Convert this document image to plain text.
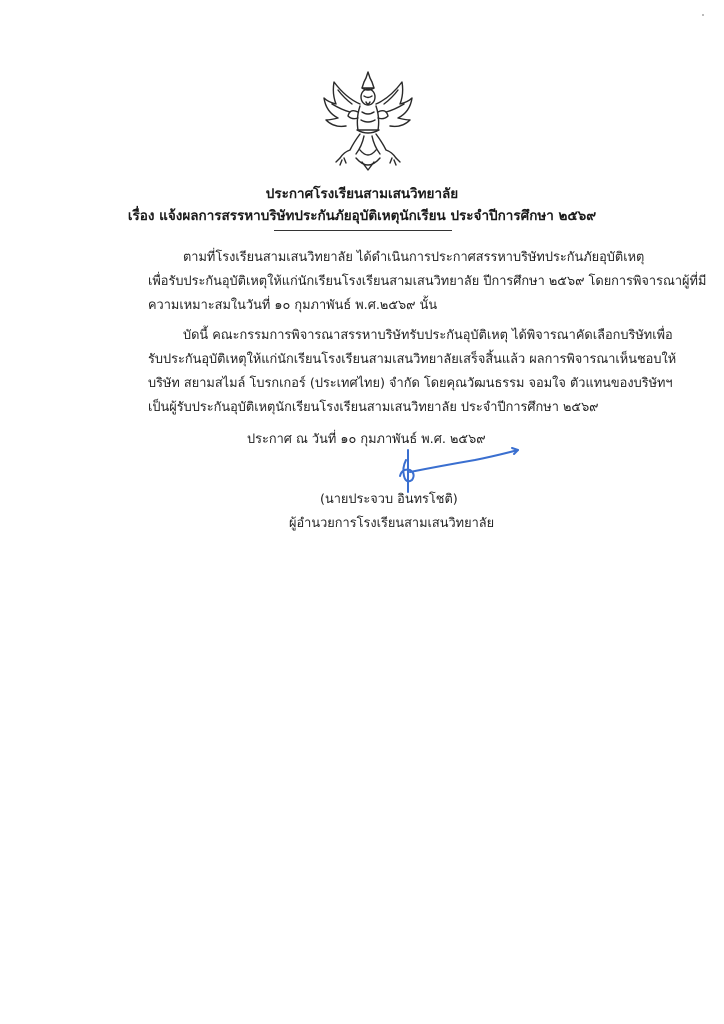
ประกาศโรงเรียนสามเสนวิทยาลัย
เรื่อง แจ้งผลการสรรหาบริษัทประกันภัยอุบัติเหตุนักเรียน ประจำปีการศึกษา ๒๕๖๙
ตามที่โรงเรียนสามเสนวิทยาลัย ได้ดำเนินการประกาศสรรหาบริษัทประกันภัยอุบัติเหตุ
เพื่อรับประกันอุบัติเหตุให้แก่นักเรียนโรงเรียนสามเสนวิทยาลัย ปีการศึกษา ๒๕๖๙ โดยการพิจารณาผู้ที่มี
ความเหมาะสมในวันที่ ๑๐ กุมภาพันธ์ พ.ศ.๒๕๖๙ นั้น
บัดนี้ คณะกรรมการพิจารณาสรรหาบริษัทรับประกันอุบัติเหตุ ได้พิจารณาคัดเลือกบริษัทเพื่อ
รับประกันอุบัติเหตุให้แก่นักเรียนโรงเรียนสามเสนวิทยาลัยเสร็จสิ้นแล้ว ผลการพิจารณาเห็นชอบให้
บริษัท สยามสไมล์ โบรกเกอร์ (ประเทศไทย) จำกัด โดยคุณวัฒนธรรม จอมใจ ตัวแทนของบริษัทฯ
เป็นผู้รับประกันอุบัติเหตุนักเรียนโรงเรียนสามเสนวิทยาลัย ประจำปีการศึกษา ๒๕๖๙
ประกาศ ณ วันที่ ๑๐ กุมภาพันธ์ พ.ศ. ๒๕๖๙
(นายประจวบ อินทรโชติ)
ผู้อำนวยการโรงเรียนสามเสนวิทยาลัย
